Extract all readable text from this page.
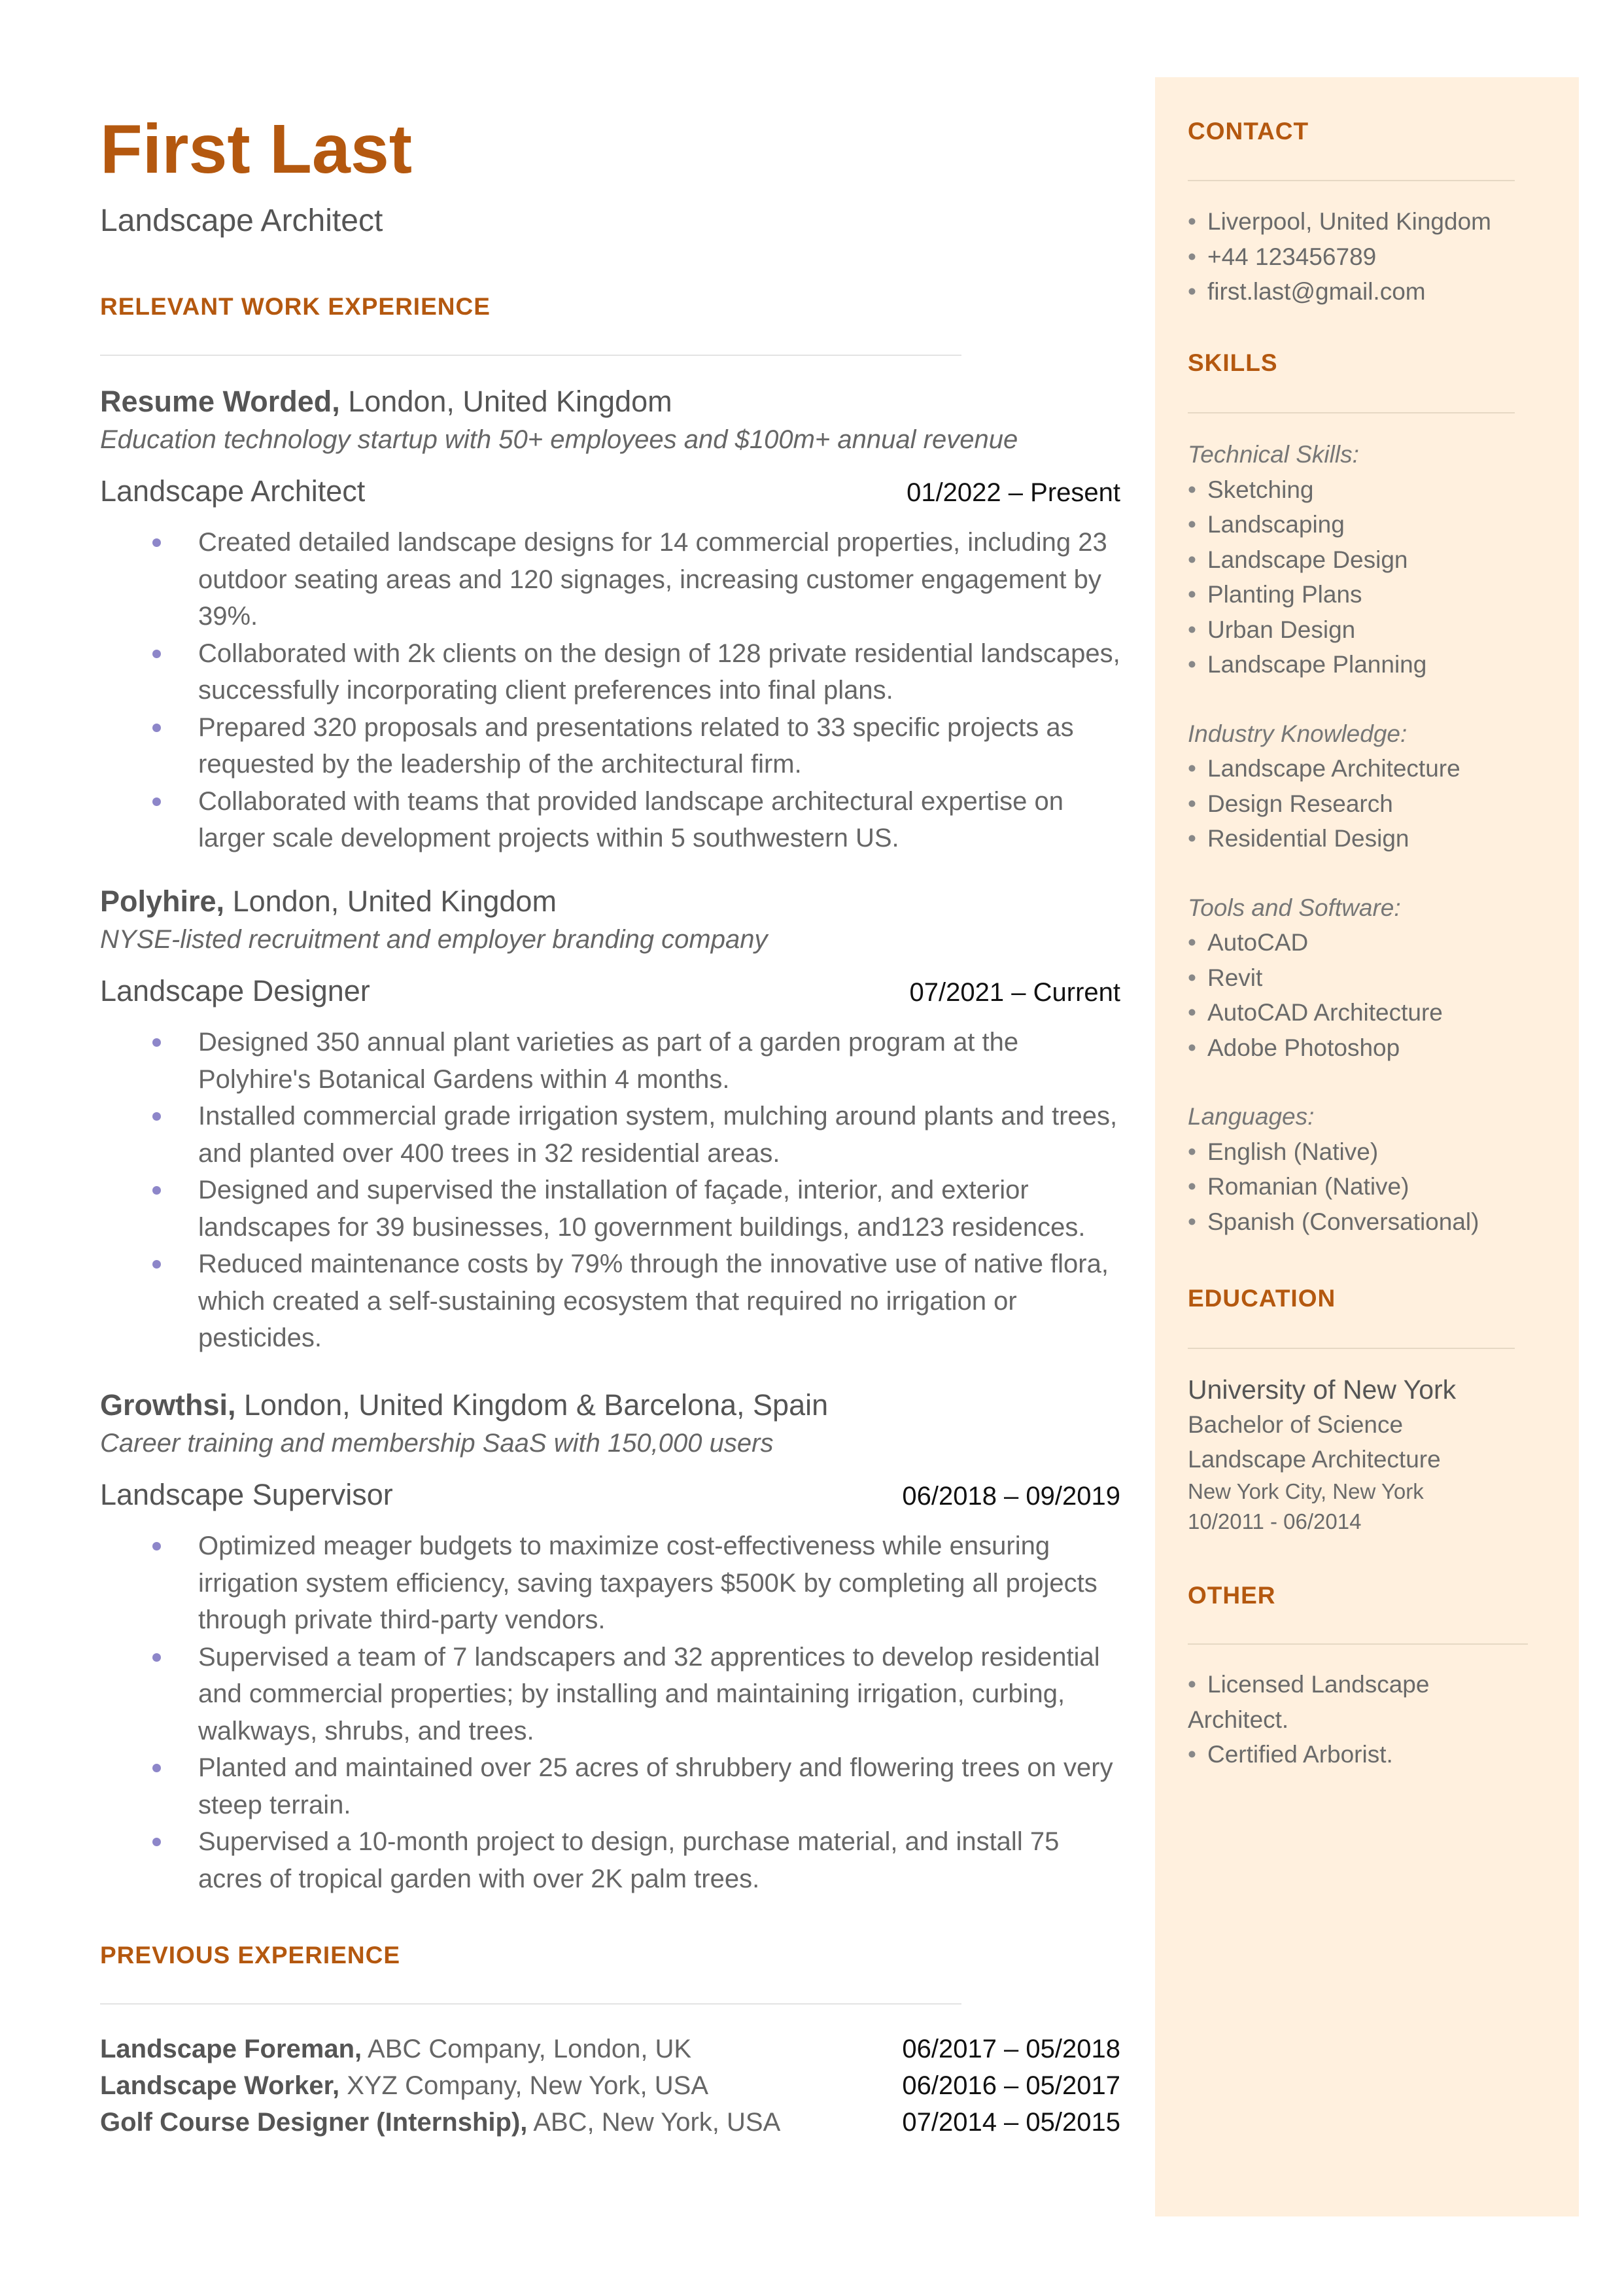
First Last
Landscape Architect
RELEVANT WORK EXPERIENCE
Resume Worded, London, United Kingdom
Education technology startup with 50+ employees and $100m+ annual revenue
Landscape Architect	01/2022 – Present
Created detailed landscape designs for 14 commercial properties, including 23 outdoor seating areas and 120 signages, increasing customer engagement by 39%.
Collaborated with 2k clients on the design of 128 private residential landscapes, successfully incorporating client preferences into final plans.
Prepared 320 proposals and presentations related to 33 specific projects as requested by the leadership of the architectural firm.
Collaborated with teams that provided landscape architectural expertise on larger scale development projects within 5 southwestern US.
Polyhire, London, United Kingdom
NYSE-listed recruitment and employer branding company
Landscape Designer	07/2021 – Current
Designed 350 annual plant varieties as part of a garden program at the Polyhire's Botanical Gardens within 4 months.
Installed commercial grade irrigation system, mulching around plants and trees, and planted over 400 trees in 32 residential areas.
Designed and supervised the installation of façade, interior, and exterior landscapes for 39 businesses, 10 government buildings, and123 residences.
Reduced maintenance costs by 79% through the innovative use of native flora, which created a self-sustaining ecosystem that required no irrigation or pesticides.
Growthsi, London, United Kingdom & Barcelona, Spain
Career training and membership SaaS with 150,000 users
Landscape Supervisor	06/2018 – 09/2019
Optimized meager budgets to maximize cost-effectiveness while ensuring irrigation system efficiency, saving taxpayers $500K by completing all projects through private third-party vendors.
Supervised a team of 7 landscapers and 32 apprentices to develop residential and commercial properties; by installing and maintaining irrigation, curbing, walkways, shrubs, and trees.
Planted and maintained over 25 acres of shrubbery and flowering trees on very steep terrain.
Supervised a 10-month project to design, purchase material, and install 75 acres of tropical garden with over 2K palm trees.
PREVIOUS EXPERIENCE
Landscape Foreman, ABC Company, London, UK	06/2017 – 05/2018
Landscape Worker, XYZ Company, New York, USA	06/2016 – 05/2017
Golf Course Designer (Internship), ABC, New York, USA	07/2014 – 05/2015
CONTACT
• Liverpool, United Kingdom
• +44 123456789
• first.last@gmail.com
SKILLS
Technical Skills:
• Sketching
• Landscaping
• Landscape Design
• Planting Plans
• Urban Design
• Landscape Planning
Industry Knowledge:
• Landscape Architecture
• Design Research
• Residential Design
Tools and Software:
• AutoCAD
• Revit
• AutoCAD Architecture
• Adobe Photoshop
Languages:
• English (Native)
• Romanian (Native)
• Spanish (Conversational)
EDUCATION
University of New York
Bachelor of Science
Landscape Architecture
New York City, New York
10/2011 - 06/2014
OTHER
• Licensed Landscape
Architect.
• Certified Arborist.
